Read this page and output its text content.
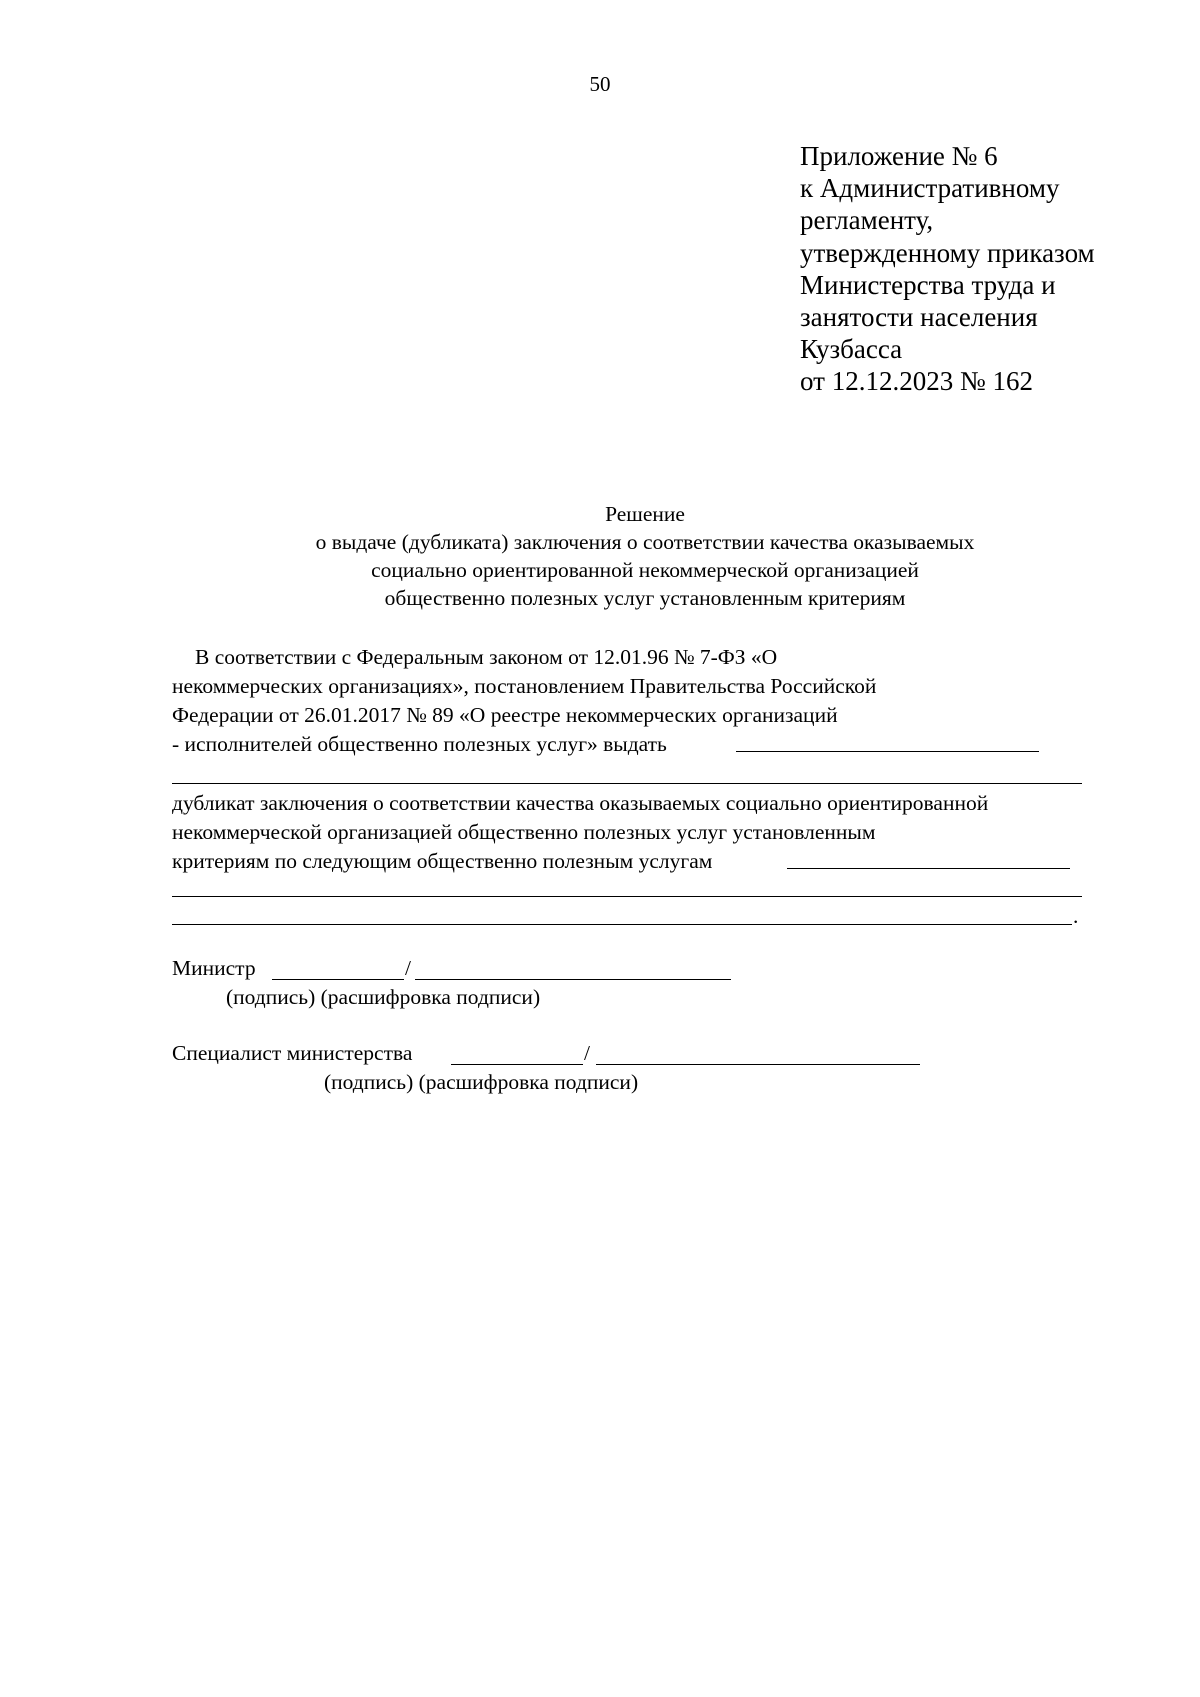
50
Приложение № 6
к Административному
регламенту,
утвержденному приказом
Министерства труда и
занятости населения
Кузбасса
от 12.12.2023 № 162
Решение
о выдаче (дубликата) заключения о соответствии качества оказываемых
социально ориентированной некоммерческой организацией
общественно полезных услуг установленным критериям
В соответствии с Федеральным законом от 12.01.96 № 7-ФЗ «О
некоммерческих организациях», постановлением Правительства Российской
Федерации от 26.01.2017 № 89 «О реестре некоммерческих организаций
- исполнителей общественно полезных услуг» выдать
дубликат заключения о соответствии качества оказываемых социально ориентированной
некоммерческой организацией общественно полезных услуг установленным
критериям по следующим общественно полезным услугам
.
Министр	/
(подпись) (расшифровка подписи)
Специалист министерства	/
(подпись) (расшифровка подписи)
